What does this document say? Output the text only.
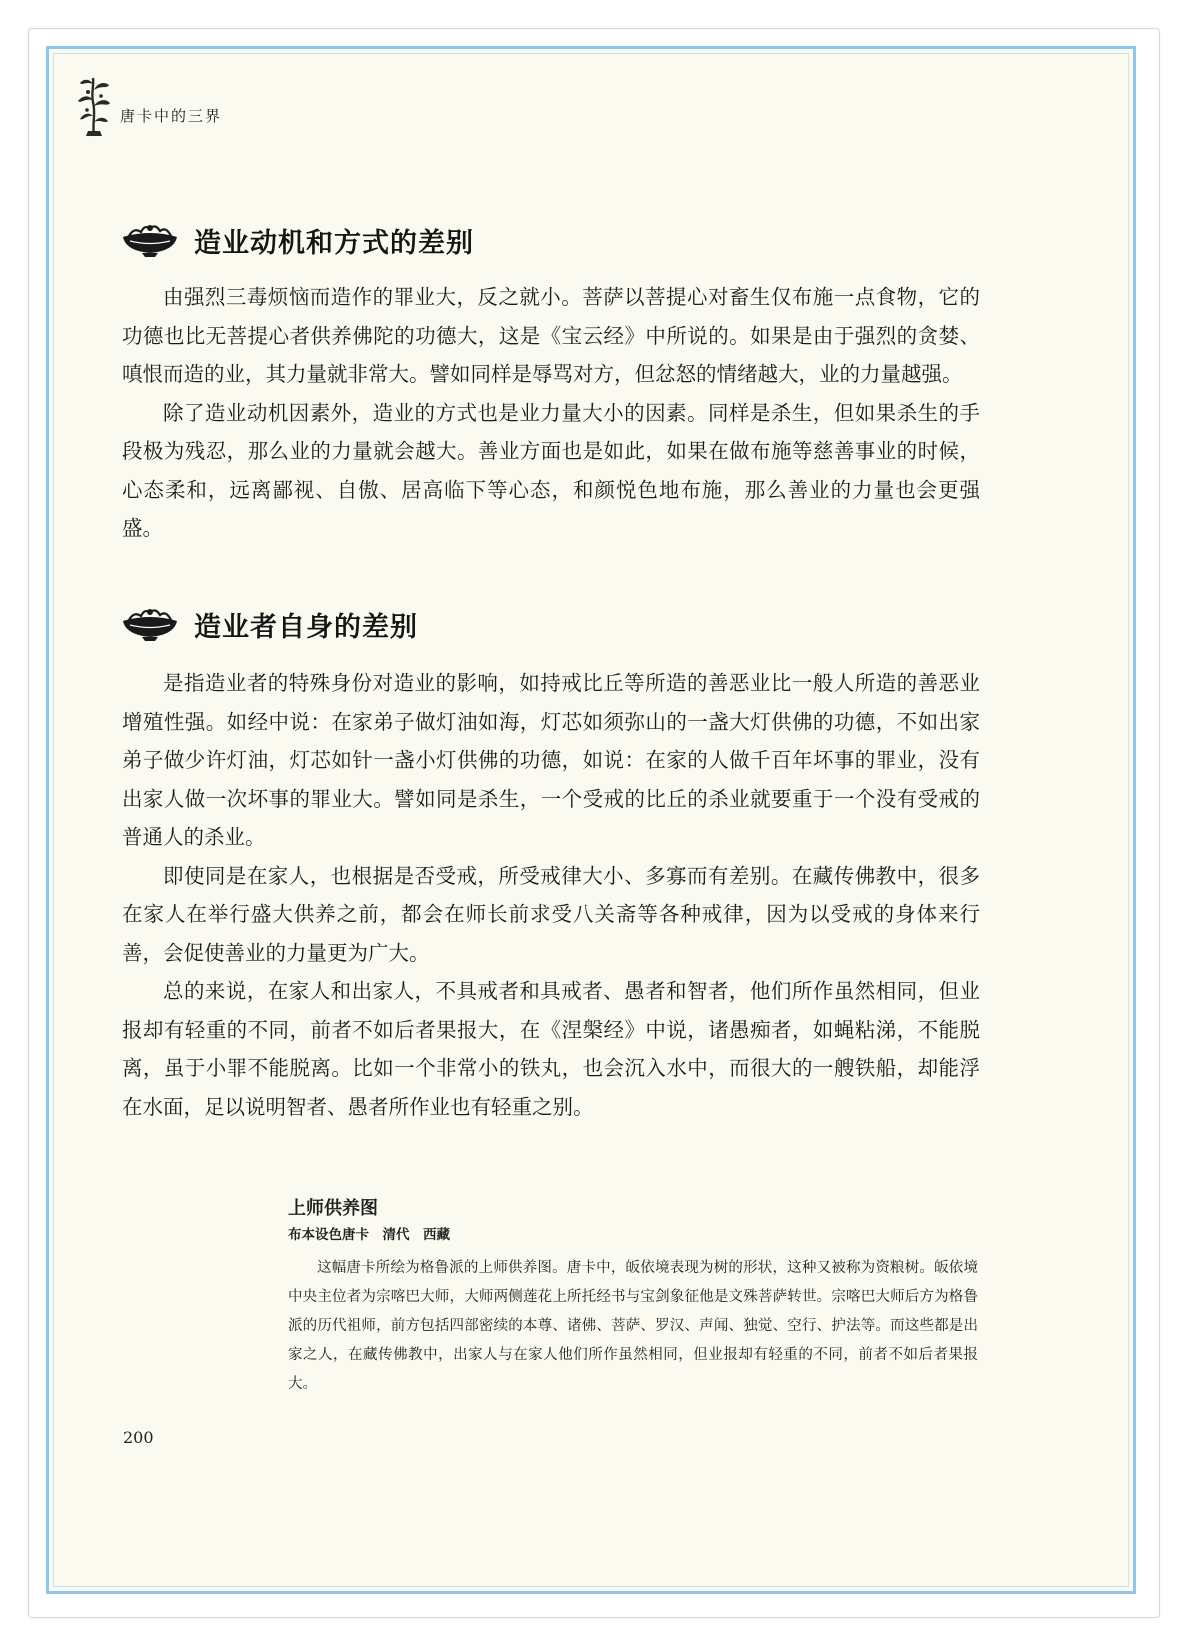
唐卡中的三界
造业动机和方式的差别

由强烈三毒烦恼而造作的罪业大，反之就小。菩萨以菩提心对畜生仅布施一点食物，它的功德也比无菩提心者供养佛陀的功德大，这是《宝云经》中所说的。如果是由于强烈的贪婪、嗔恨而造的业，其力量就非常大。譬如同样是辱骂对方，但忿怒的情绪越大，业的力量越强。

除了造业动机因素外，造业的方式也是业力量大小的因素。同样是杀生，但如果杀生的手段极为残忍，那么业的力量就会越大。善业方面也是如此，如果在做布施等慈善事业的时候，心态柔和，远离鄙视、自傲、居高临下等心态，和颜悦色地布施，那么善业的力量也会更强盛。

造业者自身的差别

是指造业者的特殊身份对造业的影响，如持戒比丘等所造的善恶业比一般人所造的善恶业增殖性强。如经中说：在家弟子做灯油如海，灯芯如须弥山的一盏大灯供佛的功德，不如出家弟子做少许灯油，灯芯如针一盏小灯供佛的功德，如说：在家的人做千百年坏事的罪业，没有出家人做一次坏事的罪业大。譬如同是杀生，一个受戒的比丘的杀业就要重于一个没有受戒的普通人的杀业。

即使同是在家人，也根据是否受戒，所受戒律大小、多寡而有差别。在藏传佛教中，很多在家人在举行盛大供养之前，都会在师长前求受八关斋等各种戒律，因为以受戒的身体来行善，会促使善业的力量更为广大。

总的来说，在家人和出家人，不具戒者和具戒者、愚者和智者，他们所作虽然相同，但业报却有轻重的不同，前者不如后者果报大，在《涅槃经》中说，诸愚痴者，如蝇粘涕，不能脱离，虽于小罪不能脱离。比如一个非常小的铁丸，也会沉入水中，而很大的一艘铁船，却能浮在水面，足以说明智者、愚者所作业也有轻重之别。

上师供养图
布本设色唐卡　清代　西藏

这幅唐卡所绘为格鲁派的上师供养图。唐卡中，皈依境表现为树的形状，这种又被称为资粮树。皈依境中央主位者为宗喀巴大师，大师两侧莲花上所托经书与宝剑象征他是文殊菩萨转世。宗喀巴大师后方为格鲁派的历代祖师，前方包括四部密续的本尊、诸佛、菩萨、罗汉、声闻、独觉、空行、护法等。而这些都是出家之人，在藏传佛教中，出家人与在家人他们所作虽然相同，但业报却有轻重的不同，前者不如后者果报大。

200
